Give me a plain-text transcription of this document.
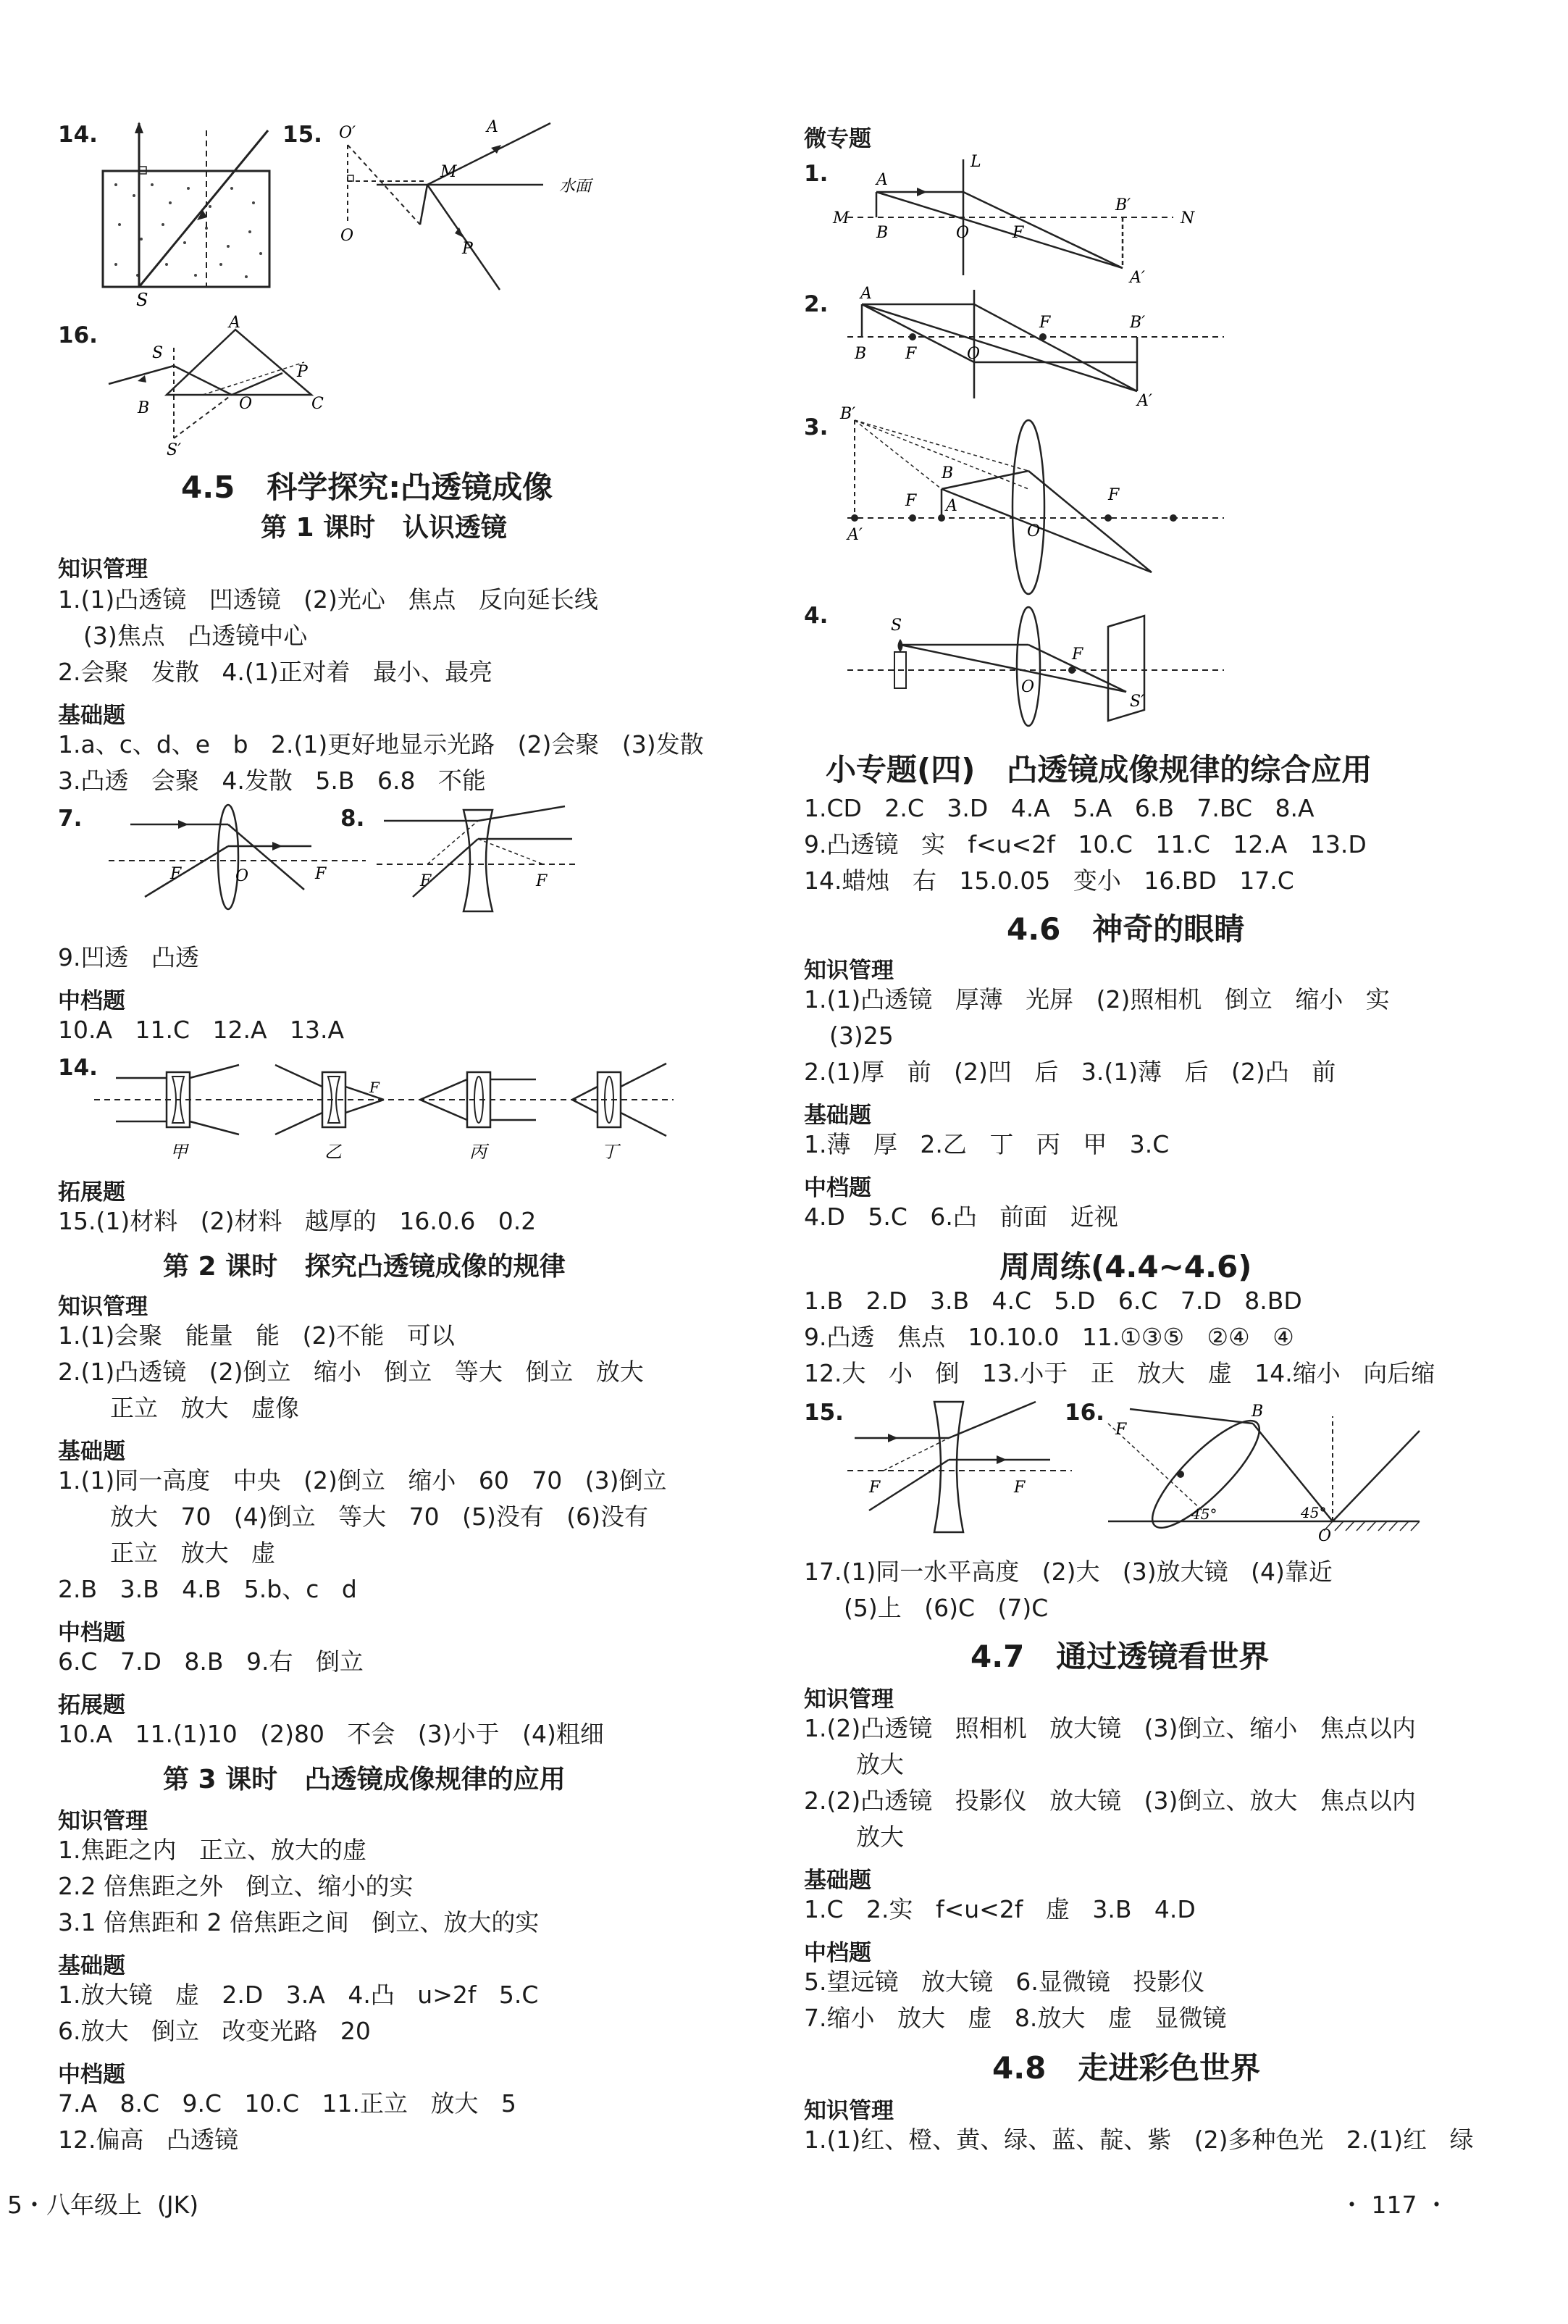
14.
S
15. O′	A
M
O
P
水面
16.	A
S
O
B	C
P
S′
4.5   科学探究:凸透镜成像
第 1 课时   认识透镜
知识管理
1.(1)凸透镜   凹透镜   (2)光心   焦点   反向延长线
(3)焦点   凸透镜中心
2.会聚   发散   4.(1)正对着   最小、最亮
基础题
1.a、c、d、e   b   2.(1)更好地显示光路   (2)会聚   (3)发散
3.凸透   会聚   4.发散   5.B   6.8   不能
7.
F	O	F
8.
F	F
9.凹透   凸透
中档题
10.A   11.C   12.A   13.A
14.
甲
F
乙	丙	丁
拓展题
15.(1)材料   (2)材料   越厚的   16.0.6   0.2
第 2 课时   探究凸透镜成像的规律
知识管理
1.(1)会聚   能量   能   (2)不能   可以
2.(1)凸透镜   (2)倒立   缩小   倒立   等大   倒立   放大
正立   放大   虚像
基础题
1.(1)同一高度   中央   (2)倒立   缩小   60   70   (3)倒立
放大   70   (4)倒立   等大   70   (5)没有   (6)没有
正立   放大   虚
2.B   3.B   4.B   5.b、c   d
中档题
6.C   7.D   8.B   9.右   倒立
拓展题
10.A   11.(1)10   (2)80   不会   (3)小于   (4)粗细
第 3 课时   凸透镜成像规律的应用
知识管理
1.焦距之内   正立、放大的虚
2.2 倍焦距之外   倒立、缩小的实
3.1 倍焦距和 2 倍焦距之间   倒立、放大的实
基础题
1.放大镜   虚   2.D   3.A   4.凸   u>2f   5.C
6.放大   倒立   改变光路   20
中档题
7.A   8.C   9.C   10.C   11.正立   放大   5
12.偏高   凸透镜
5・八年级上  (JK)
微专题
1.
M
A
B
L
O	F
B′
N
A′
2. A
B F	O
F	B′
A′
3.
B′
A′
F
B
A
O
F
4.	S
F
O
S′
小专题(四)   凸透镜成像规律的综合应用
1.CD   2.C   3.D   4.A   5.A   6.B   7.BC   8.A
9.凸透镜   实   f<u<2f   10.C   11.C   12.A   13.D
14.蜡烛   右   15.0.05   变小   16.BD   17.C
4.6   神奇的眼睛
知识管理
1.(1)凸透镜   厚薄   光屏   (2)照相机   倒立   缩小   实
(3)25
2.(1)厚   前   (2)凹   后   3.(1)薄   后   (2)凸   前
基础题
1.薄   厚   2.乙   丁   丙   甲   3.C
中档题
4.D   5.C   6.凸   前面   近视
周周练(4.4~4.6)
1.B   2.D   3.B   4.C   5.D   6.C   7.D   8.BD
9.凸透   焦点   10.10.0   11.①③⑤   ②④   ④
12.大   小   倒   13.小于   正   放大   虚   14.缩小   向后缩
15.
F	F
16.	B
F
45°	45°
O
17.(1)同一水平高度   (2)大   (3)放大镜   (4)靠近
(5)上   (6)C   (7)C
4.7   通过透镜看世界
知识管理
1.(2)凸透镜   照相机   放大镜   (3)倒立、缩小   焦点以内
放大
2.(2)凸透镜   投影仪   放大镜   (3)倒立、放大   焦点以内
放大
基础题
1.C   2.实   f<u<2f   虚   3.B   4.D
中档题
5.望远镜   放大镜   6.显微镜   投影仪
7.缩小   放大   虚   8.放大   虚   显微镜
4.8   走进彩色世界
知识管理
1.(1)红、橙、黄、绿、蓝、靛、紫   (2)多种色光   2.(1)红   绿
・ 117 ・
